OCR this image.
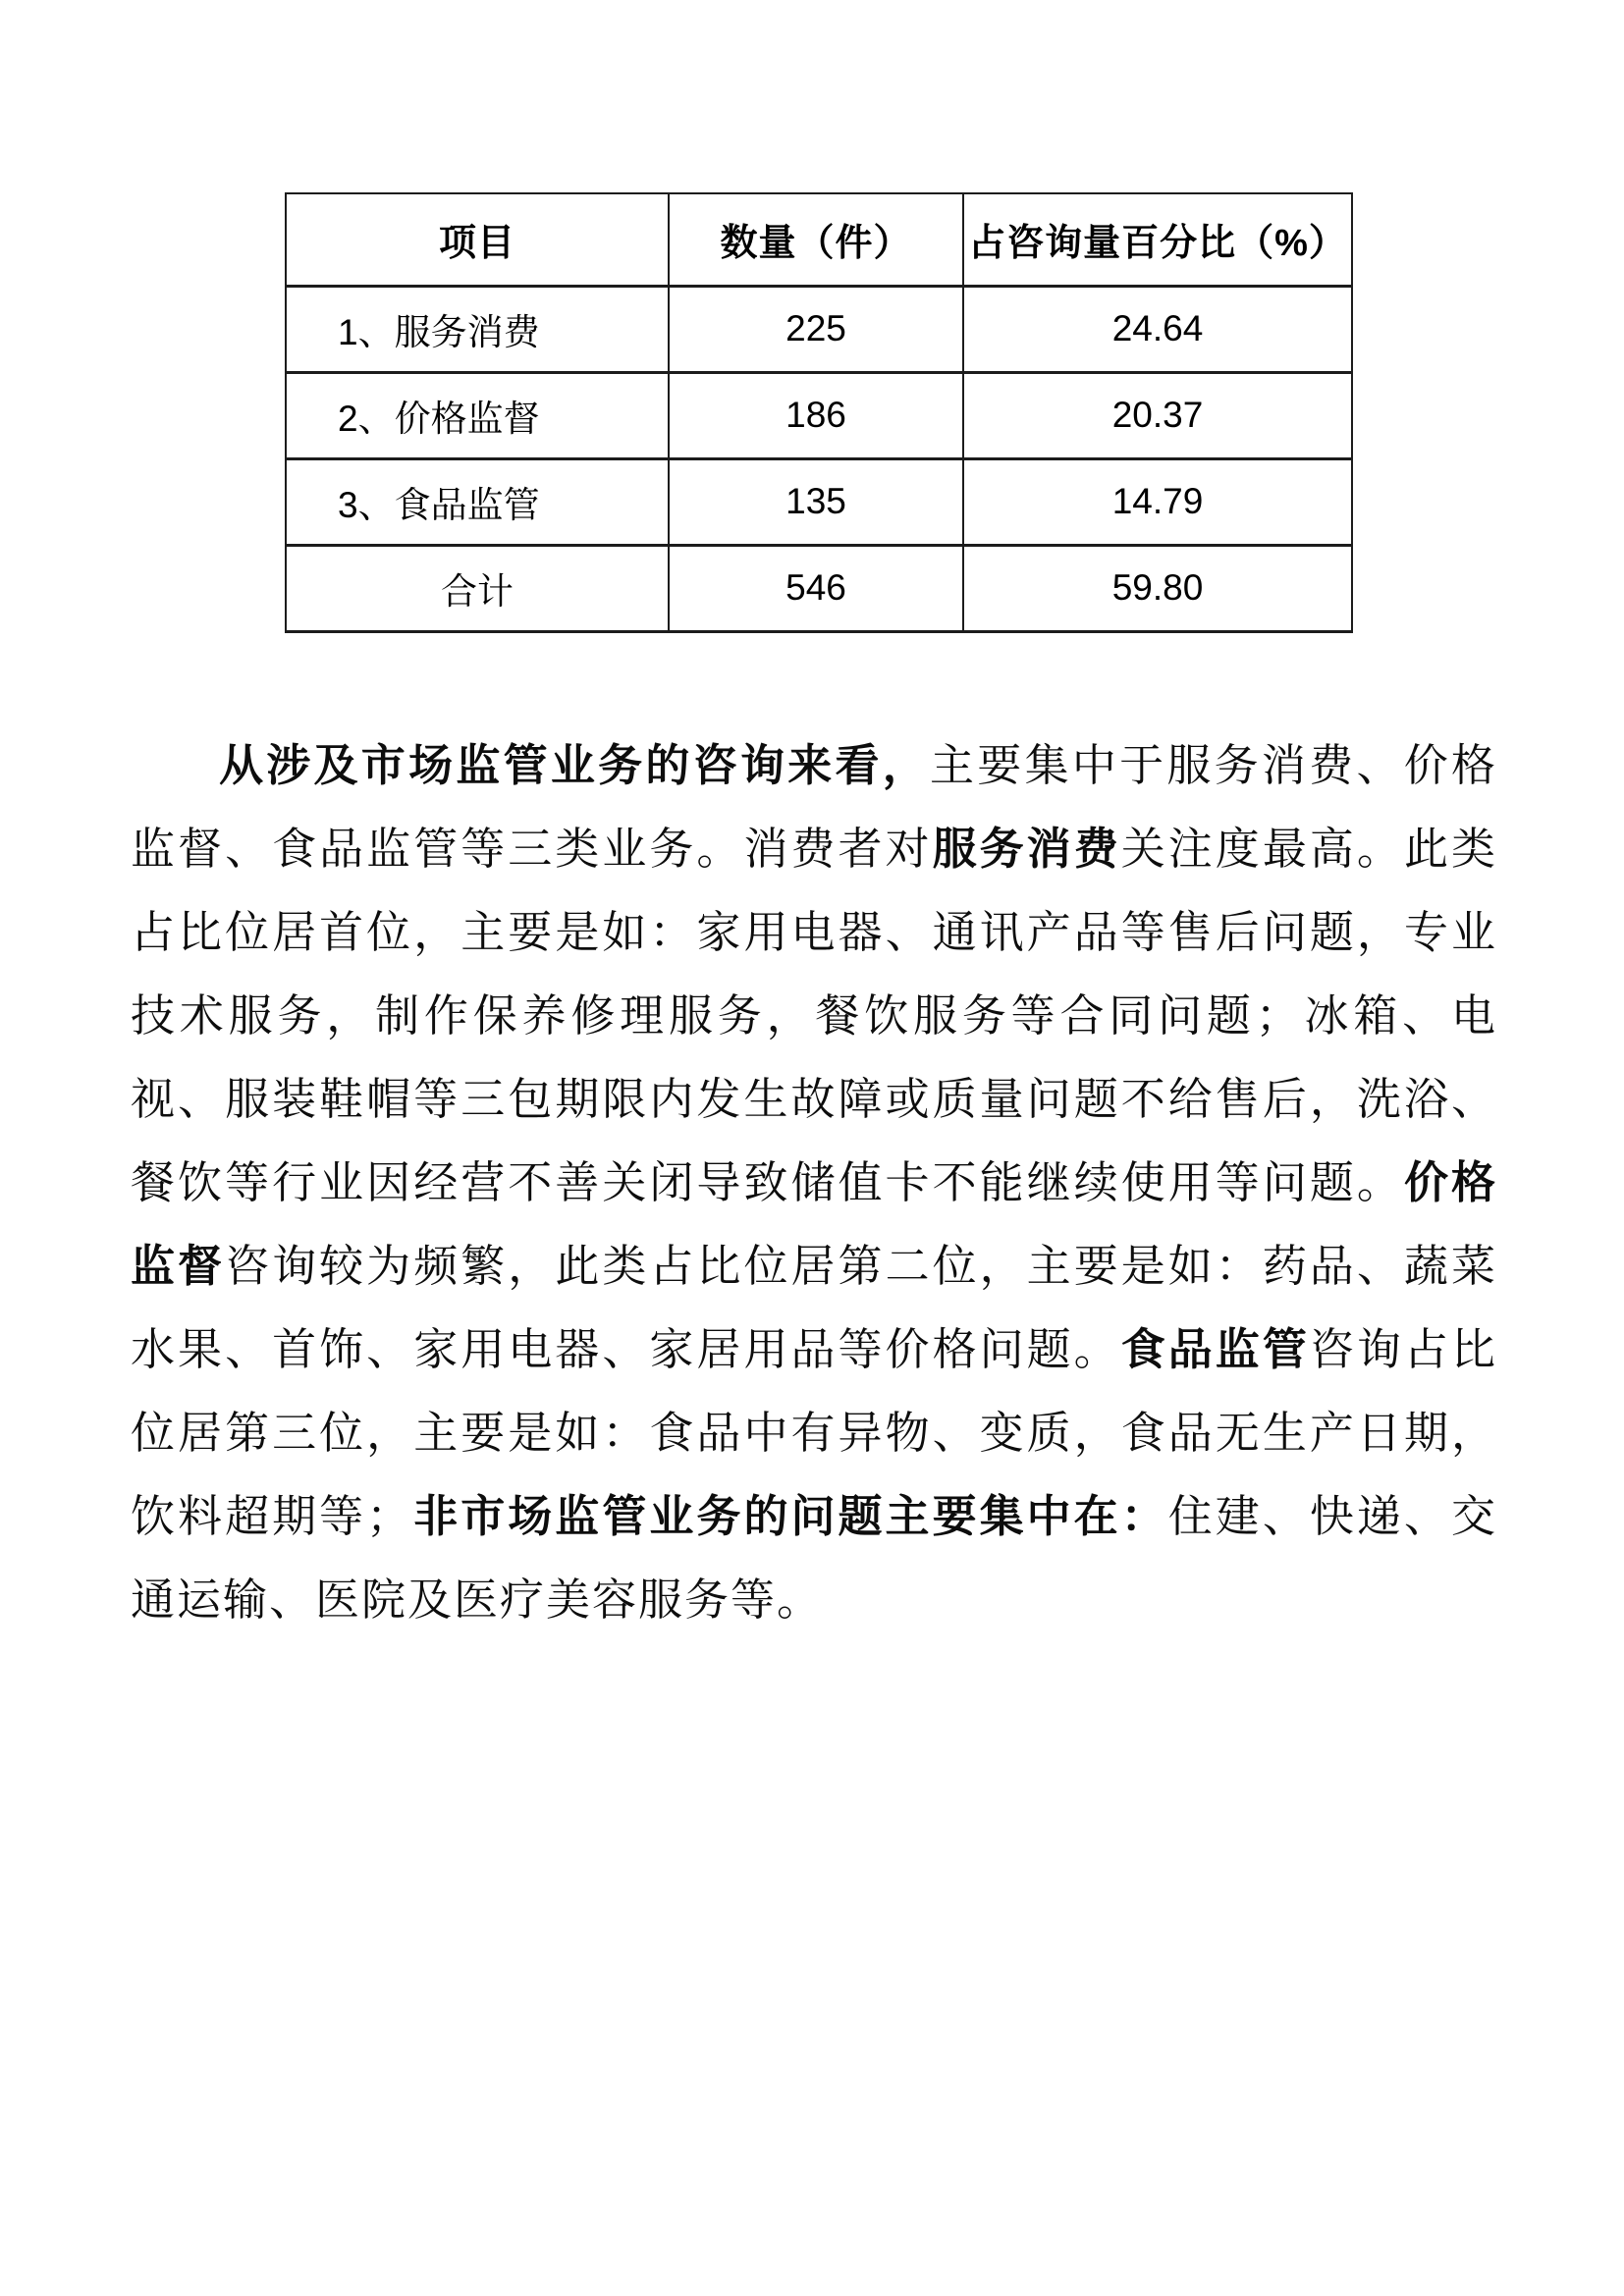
项目	数量（件）	占咨询量百分比（%）
1、服务消费	225	24.64
2、价格监督	186	20.37
3、食品监管	135	14.79
合计	546	59.80

从涉及市场监管业务的咨询来看，主要集中于服务消费、价格监督、食品监管等三类业务。消费者对服务消费关注度最高。此类占比位居首位，主要是如：家用电器、通讯产品等售后问题，专业技术服务，制作保养修理服务，餐饮服务等合同问题；冰箱、电视、服装鞋帽等三包期限内发生故障或质量问题不给售后，洗浴、餐饮等行业因经营不善关闭导致储值卡不能继续使用等问题。价格监督咨询较为频繁，此类占比位居第二位，主要是如：药品、蔬菜水果、首饰、家用电器、家居用品等价格问题。食品监管咨询占比位居第三位，主要是如：食品中有异物、变质，食品无生产日期，饮料超期等；非市场监管业务的问题主要集中在：住建、快递、交通运输、医院及医疗美容服务等。
